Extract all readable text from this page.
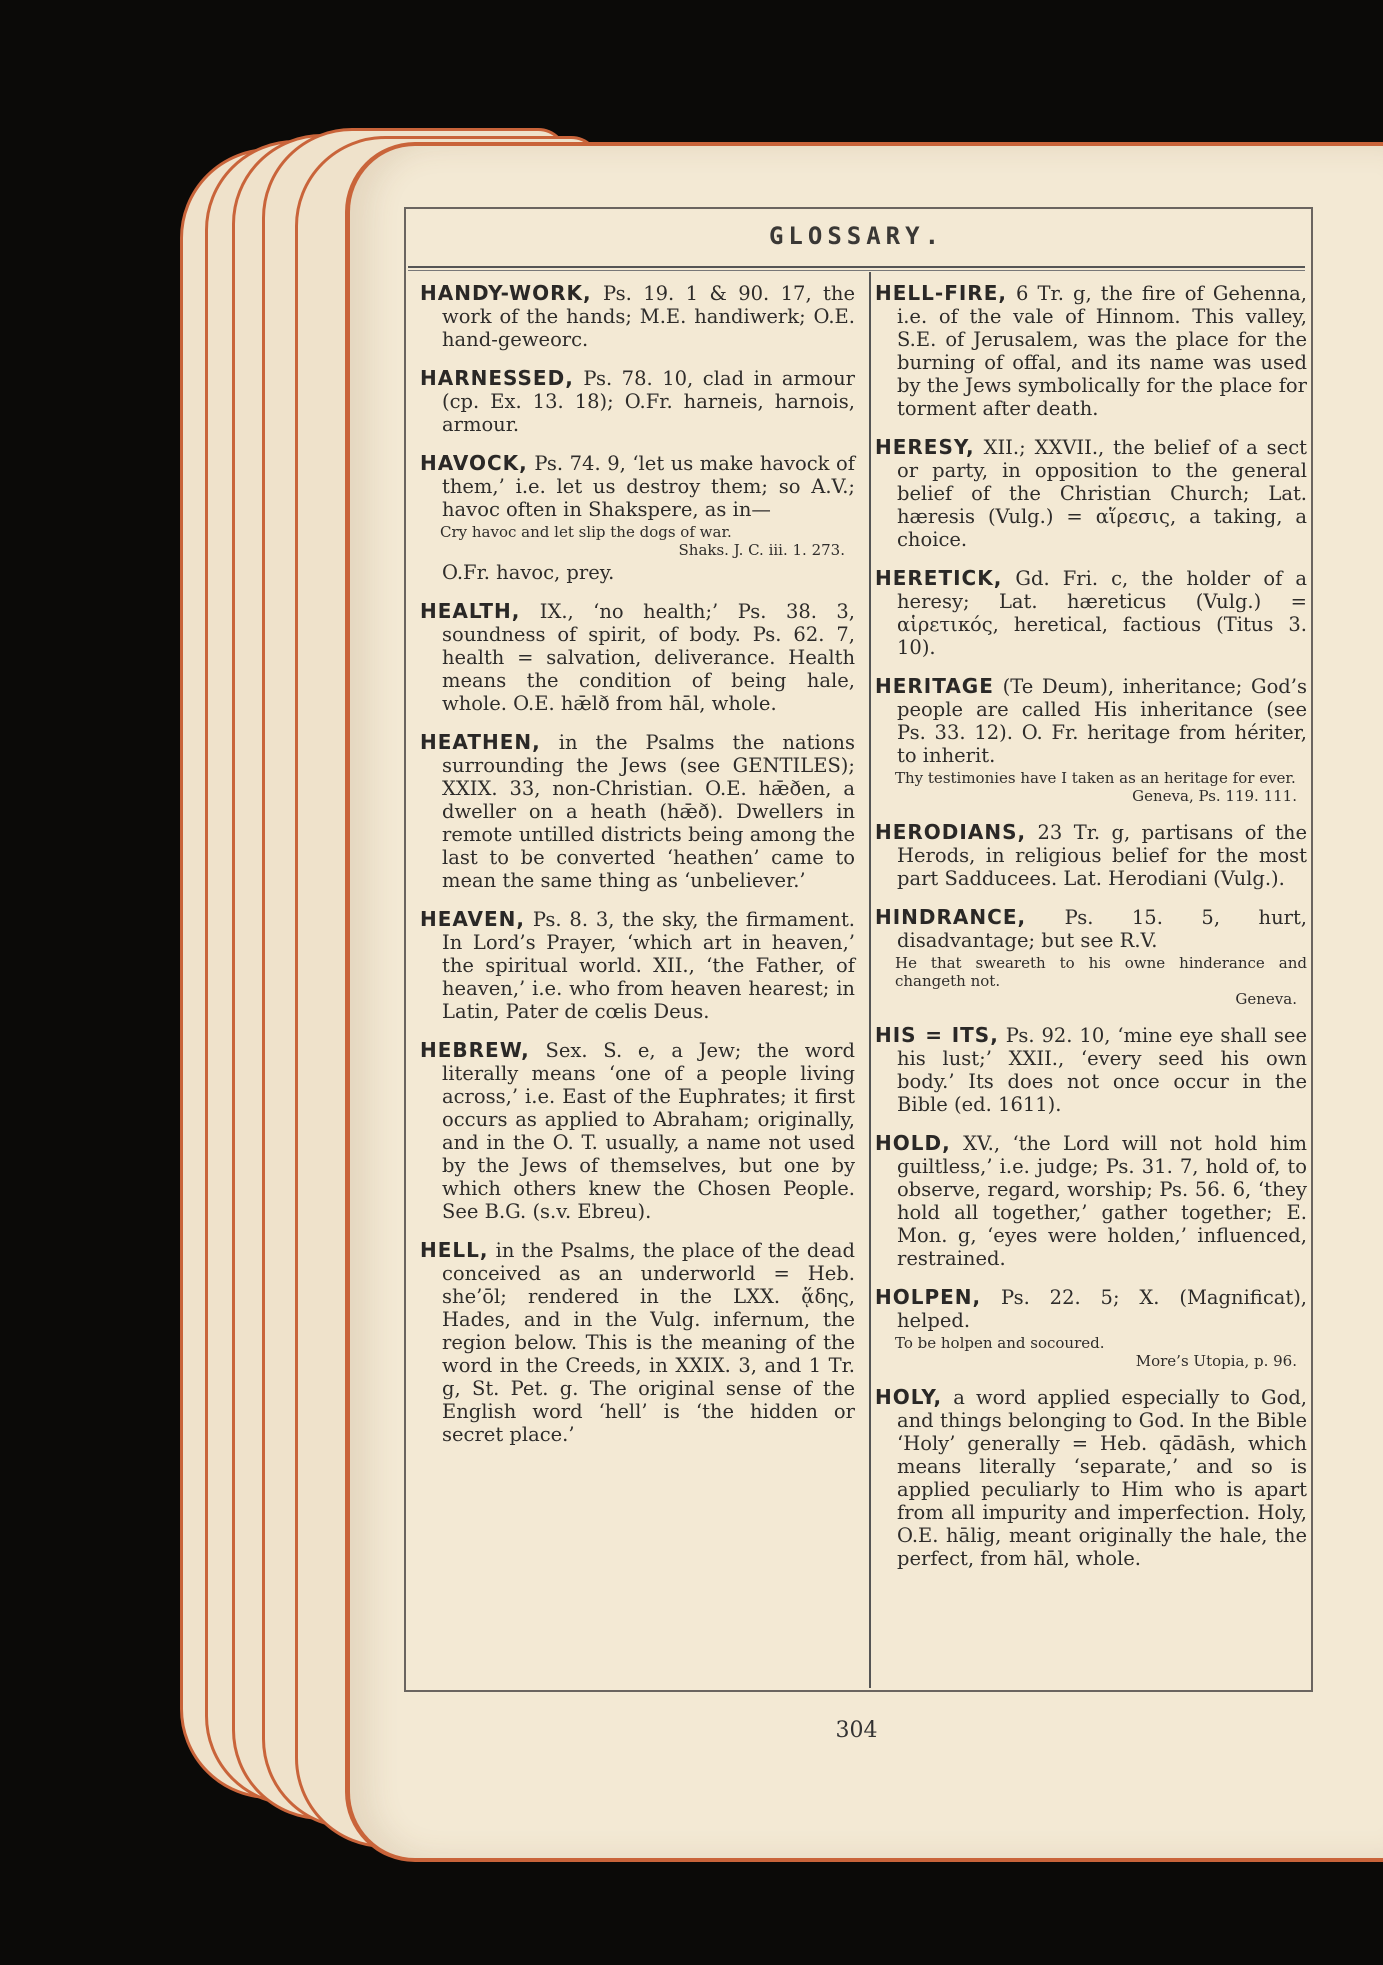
GLOSSARY.

HANDY-WORK, Ps. 19. 1 & 90. 17, the work of the hands; M.E. handiwerk; O.E. hand-geweorc.

HARNESSED, Ps. 78. 10, clad in armour (cp. Ex. 13. 18); O.Fr. harneis, harnois, armour.

HAVOCK, Ps. 74. 9, ‘let us make havock of them,’ i.e. let us destroy them; so A.V.; havoc often in Shakspere, as in—

Cry havoc and let slip the dogs of war.
Shaks. J. C. iii. 1. 273.
O.Fr. havoc, prey.

HEALTH, IX., ‘no health;’ Ps. 38. 3, soundness of spirit, of body. Ps. 62. 7, health = salvation, deliverance. Health means the condition of being hale, whole. O.E. hǣlð from hāl, whole.

HEATHEN, in the Psalms the nations surrounding the Jews (see GENTILES); XXIX. 33, non-Christian. O.E. hǣðen, a dweller on a heath (hǣð). Dwellers in remote untilled districts being among the last to be converted ‘heathen’ came to mean the same thing as ‘unbeliever.’

HEAVEN, Ps. 8. 3, the sky, the firmament. In Lord’s Prayer, ‘which art in heaven,’ the spiritual world. XII., ‘the Father, of heaven,’ i.e. who from heaven hearest; in Latin, Pater de cœlis Deus.

HEBREW, Sex. S. e, a Jew; the word literally means ‘one of a people living across,’ i.e. East of the Euphrates; it first occurs as applied to Abraham; originally, and in the O. T. usually, a name not used by the Jews of themselves, but one by which others knew the Chosen People. See B.G. (s.v. Ebreu).

HELL, in the Psalms, the place of the dead conceived as an underworld = Heb. she’ōl; rendered in the LXX. ᾅδης, Hades, and in the Vulg. infernum, the region below. This is the meaning of the word in the Creeds, in XXIX. 3, and 1 Tr. g, St. Pet. g. The original sense of the English word ‘hell’ is ‘the hidden or secret place.’

HELL-FIRE, 6 Tr. g, the fire of Gehenna, i.e. of the vale of Hinnom. This valley, S.E. of Jerusalem, was the place for the burning of offal, and its name was used by the Jews symbolically for the place for torment after death.

HERESY, XII.; XXVII., the belief of a sect or party, in opposition to the general belief of the Christian Church; Lat. hæresis (Vulg.) = αἵρεσις, a taking, a choice.

HERETICK, Gd. Fri. c, the holder of a heresy; Lat. hæreticus (Vulg.) = αἱρετικός, heretical, factious (Titus 3. 10).

HERITAGE (Te Deum), inheritance; God’s people are called His inheritance (see Ps. 33. 12). O. Fr. heritage from hériter, to inherit.

Thy testimonies have I taken as an heritage for ever.
Geneva, Ps. 119. 111.

HERODIANS, 23 Tr. g, partisans of the Herods, in religious belief for the most part Sadducees. Lat. Herodiani (Vulg.).

HINDRANCE, Ps. 15. 5, hurt, disadvantage; but see R.V.

He that sweareth to his owne hinderance and changeth not.
Geneva.

HIS = ITS, Ps. 92. 10, ‘mine eye shall see his lust;’ XXII., ‘every seed his own body.’ Its does not once occur in the Bible (ed. 1611).

HOLD, XV., ‘the Lord will not hold him guiltless,’ i.e. judge; Ps. 31. 7, hold of, to observe, regard, worship; Ps. 56. 6, ‘they hold all together,’ gather together; E. Mon. g, ‘eyes were holden,’ influenced, restrained.

HOLPEN, Ps. 22. 5; X. (Magnificat), helped.

To be holpen and socoured.
More’s Utopia, p. 96.

HOLY, a word applied especially to God, and things belonging to God. In the Bible ‘Holy’ generally = Heb. qādāsh, which means literally ‘separate,’ and so is applied peculiarly to Him who is apart from all impurity and imperfection. Holy, O.E. hālig, meant originally the hale, the perfect, from hāl, whole.

304
